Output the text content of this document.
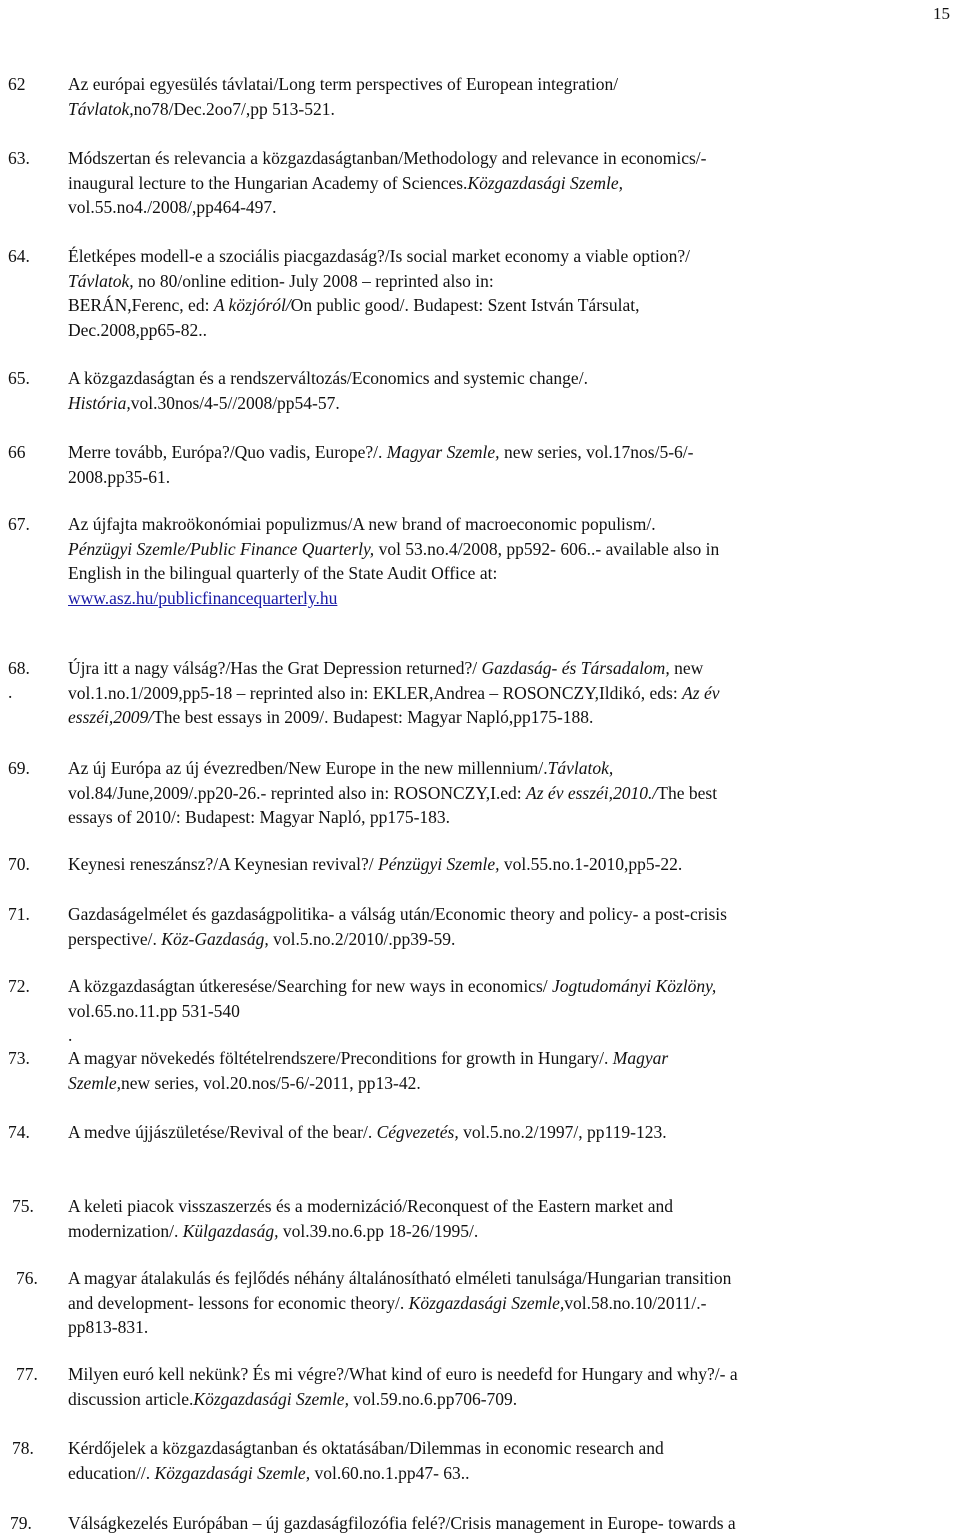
15
62 Az európai egyesülés távlatai/Long term perspectives of European integration/
Távlatok,no78/Dec.2oo7/,pp 513-521.
63. Módszertan és relevancia a közgazdaságtanban/Methodology and relevance in economics/-
inaugural lecture to the Hungarian Academy of Sciences.Közgazdasági Szemle,
vol.55.no4./2008/,pp464-497.
64. Életképes modell-e a szociális piacgazdaság?/Is social market economy a viable option?/
Távlatok, no 80/online edition- July 2008 – reprinted also in:
BERÁN,Ferenc, ed: A közjóról/On public good/. Budapest: Szent István Társulat,
Dec.2008,pp65-82..
65. A közgazdaságtan és a rendszerváltozás/Economics and systemic change/.
História,vol.30nos/4-5//2008/pp54-57.
66 Merre tovább, Európa?/Quo vadis, Europe?/. Magyar Szemle, new series, vol.17nos/5-6/-
2008.pp35-61.
67. Az újfajta makroökonómiai populizmus/A new brand of macroeconomic populism/.
Pénzügyi Szemle/Public Finance Quarterly, vol 53.no.4/2008, pp592- 606..- available also in
English in the bilingual quarterly of the State Audit Office at:
www.asz.hu/publicfinancequarterly.hu
68. Újra itt a nagy válság?/Has the Grat Depression returned?/ Gazdaság- és Társadalom, new
vol.1.no.1/2009,pp5-18 – reprinted also in: EKLER,Andrea – ROSONCZY,Ildikó, eds: Az év
esszéi,2009/The best essays in 2009/. Budapest: Magyar Napló,pp175-188.
69. Az új Európa az új évezredben/New Europe in the new millennium/.Távlatok,
vol.84/June,2009/.pp20-26.- reprinted also in: ROSONCZY,I.ed: Az év esszéi,2010./The best
essays of 2010/: Budapest: Magyar Napló, pp175-183.
70. Keynesi reneszánsz?/A Keynesian revival?/ Pénzügyi Szemle, vol.55.no.1-2010,pp5-22.
71. Gazdaságelmélet és gazdaságpolitika- a válság után/Economic theory and policy- a post-crisis
perspective/. Köz-Gazdaság, vol.5.no.2/2010/.pp39-59.
72. A közgazdaságtan útkeresése/Searching for new ways in economics/ Jogtudományi Közlöny,
vol.65.no.11.pp 531-540
.
73. A magyar növekedés föltételrendszere/Preconditions for growth in Hungary/. Magyar
Szemle,new series, vol.20.nos/5-6/-2011, pp13-42.
74. A medve újjászületése/Revival of the bear/. Cégvezetés, vol.5.no.2/1997/, pp119-123.
75. A keleti piacok visszaszerzés és a modernizáció/Reconquest of the Eastern market and
modernization/. Külgazdaság, vol.39.no.6.pp 18-26/1995/.
76. A magyar átalakulás és fejlődés néhány általánosítható elméleti tanulsága/Hungarian transition
and development- lessons for economic theory/. Közgazdasági Szemle,vol.58.no.10/2011/.-
pp813-831.
77. Milyen euró kell nekünk? És mi végre?/What kind of euro is needefd for Hungary and why?/- a
discussion article.Közgazdasági Szemle, vol.59.no.6.pp706-709.
78. Kérdőjelek a közgazdaságtanban és oktatásában/Dilemmas in economic research and
education//. Közgazdasági Szemle, vol.60.no.1.pp47- 63..
79. Válságkezelés Európában – új gazdaságfilozófia felé?/Crisis management in Europe- towards a
.
